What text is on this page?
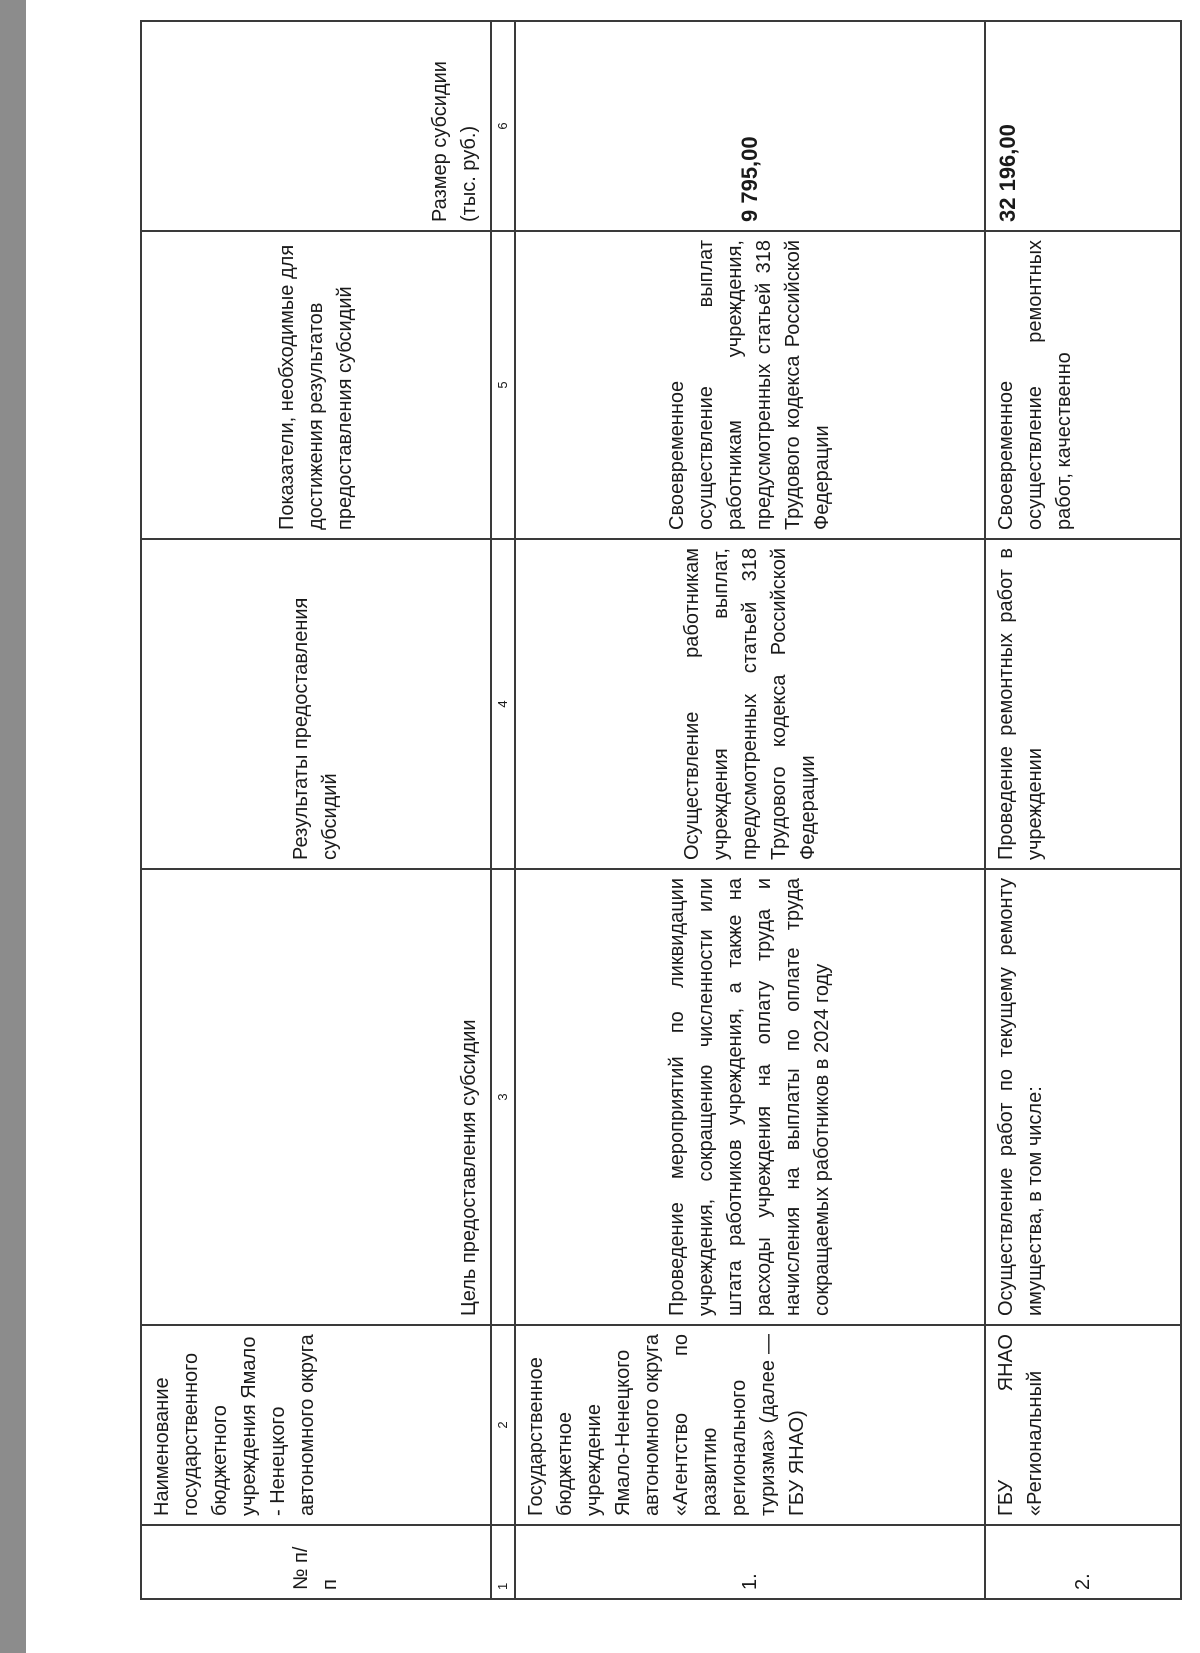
№ п/ п	Наименование государственного бюджетного учреждения Ямало - Ненецкого автономного округа	Цель предоставления субсидии	Результаты предоставления субсидий	Показатели, необходимые для достижения результатов предоставления субсидий	Размер субсидии (тыс. руб.)
1	2	3	4	5	6
1.	Государственное бюджетное учреждение Ямало-Ненецкого автономного округа «Агентство по развитию регионального туризма» (далее — ГБУ ЯНАО)	Проведение мероприятий по ликвидации учреждения, сокращению численности или штата работников учреждения, а также на расходы учреждения на оплату труда и начисления на выплаты по оплате труда сокращаемых работников в 2024 году	Осуществление работникам учреждения выплат, предусмотренных статьей 318 Трудового кодекса Российской Федерации	Своевременное осуществление выплат работникам учреждения, предусмотренных статьей 318 Трудового кодекса Российской Федерации	9 795,00
2.	ГБУ ЯНАО «Региональный	Осуществление работ по текущему ремонту имущества, в том числе:	Проведение ремонтных работ в учреждении	Своевременное осуществление ремонтных работ, качественно	32 196,00
